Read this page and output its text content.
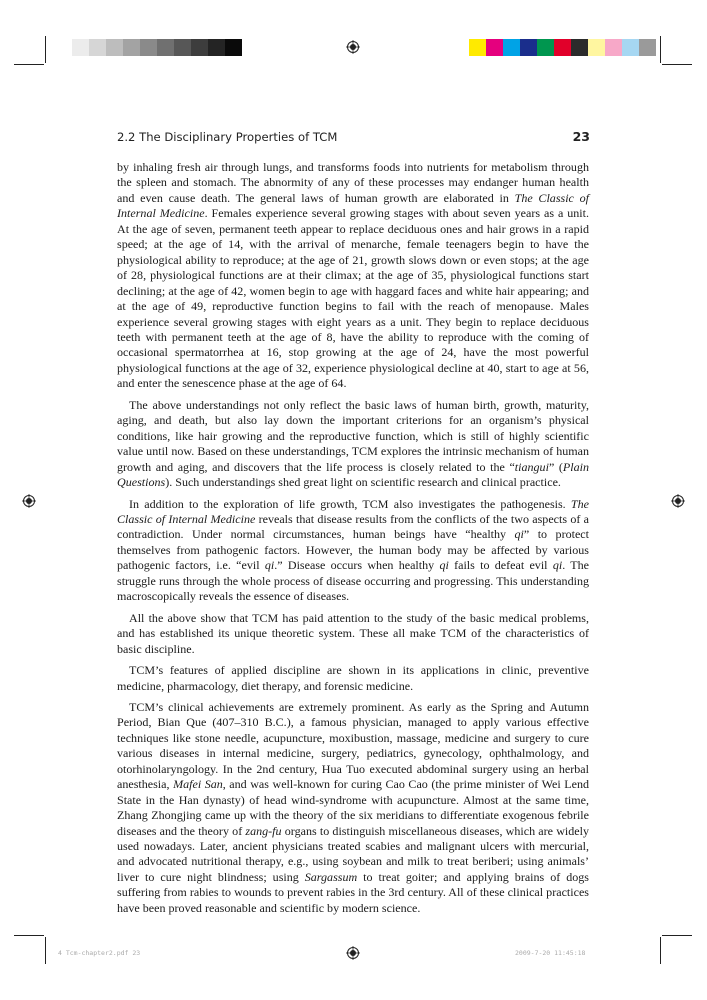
2.2 The Disciplinary Properties of TCM	23

by inhaling fresh air through lungs, and transforms foods into nutrients for metabolism through the spleen and stomach. The abnormity of any of these processes may endanger human health and even cause death. The general laws of human growth are elaborated in The Classic of Internal Medicine. Females experience several growing stages with about seven years as a unit. At the age of seven, permanent teeth appear to replace deciduous ones and hair grows in a rapid speed; at the age of 14, with the arrival of menarche, female teenagers begin to have the physiological ability to reproduce; at the age of 21, growth slows down or even stops; at the age of 28, physiological functions are at their climax; at the age of 35, physiological functions start declining; at the age of 42, women begin to age with haggard faces and white hair appearing; and at the age of 49, reproductive function begins to fail with the reach of menopause. Males experience several growing stages with eight years as a unit. They begin to replace deciduous teeth with permanent teeth at the age of 8, have the ability to reproduce with the coming of occasional spermatorrhea at 16, stop growing at the age of 24, have the most powerful physiological functions at the age of 32, experience physiological decline at 40, start to age at 56, and enter the senescence phase at the age of 64.

The above understandings not only reflect the basic laws of human birth, growth, maturity, aging, and death, but also lay down the important criterions for an organism’s physical conditions, like hair growing and the reproductive function, which is still of highly scientific value until now. Based on these understandings, TCM explores the intrinsic mechanism of human growth and aging, and discovers that the life process is closely related to the “tiangui” (Plain Questions). Such understandings shed great light on scientific research and clinical practice.

In addition to the exploration of life growth, TCM also investigates the pathogenesis. The Classic of Internal Medicine reveals that disease results from the conflicts of the two aspects of a contradiction. Under normal circumstances, human beings have “healthy qi” to protect themselves from pathogenic factors. However, the human body may be affected by various pathogenic factors, i.e. “evil qi.” Disease occurs when healthy qi fails to defeat evil qi. The struggle runs through the whole process of disease occurring and progressing. This understanding macroscopically reveals the essence of diseases.

All the above show that TCM has paid attention to the study of the basic medical problems, and has established its unique theoretic system. These all make TCM of the characteristics of basic discipline.

TCM’s features of applied discipline are shown in its applications in clinic, preventive medicine, pharmacology, diet therapy, and forensic medicine.

TCM’s clinical achievements are extremely prominent. As early as the Spring and Autumn Period, Bian Que (407–310 B.C.), a famous physician, managed to apply various effective techniques like stone needle, acupuncture, moxibustion, massage, medicine and surgery to cure various diseases in internal medicine, surgery, pediatrics, gynecology, ophthalmology, and otorhinolaryngology. In the 2nd century, Hua Tuo executed abdominal surgery using an herbal anesthesia, Mafei San, and was well-known for curing Cao Cao (the prime minister of Wei Lend State in the Han dynasty) of head wind-syndrome with acupuncture. Almost at the same time, Zhang Zhongjing came up with the theory of the six meridians to differentiate exogenous febrile diseases and the theory of zang-fu organs to distinguish miscellaneous diseases, which are widely used nowadays. Later, ancient physicians treated scabies and malignant ulcers with mercurial, and advocated nutritional therapy, e.g., using soybean and milk to treat beriberi; using animals’ liver to cure night blindness; using Sargassum to treat goiter; and applying brains of dogs suffering from rabies to wounds to prevent rabies in the 3rd century. All of these clinical practices have been proved reasonable and scientific by modern science.

4 Tcm-chapter2.pdf 23	2009-7-20 11:45:18
